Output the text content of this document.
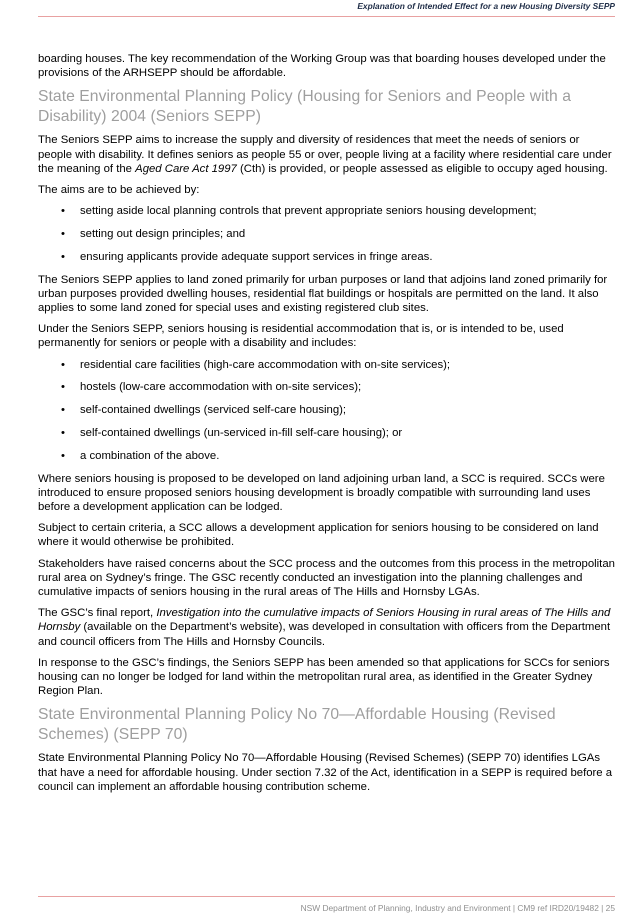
Explanation of Intended Effect for a new Housing Diversity SEPP

boarding houses. The key recommendation of the Working Group was that boarding houses developed under the provisions of the ARHSEPP should be affordable.

State Environmental Planning Policy (Housing for Seniors and People with a Disability) 2004 (Seniors SEPP)

The Seniors SEPP aims to increase the supply and diversity of residences that meet the needs of seniors or people with disability. It defines seniors as people 55 or over, people living at a facility where residential care under the meaning of the Aged Care Act 1997 (Cth) is provided, or people assessed as eligible to occupy aged housing.

The aims are to be achieved by:

• setting aside local planning controls that prevent appropriate seniors housing development;
• setting out design principles; and
• ensuring applicants provide adequate support services in fringe areas.

The Seniors SEPP applies to land zoned primarily for urban purposes or land that adjoins land zoned primarily for urban purposes provided dwelling houses, residential flat buildings or hospitals are permitted on the land. It also applies to some land zoned for special uses and existing registered club sites.

Under the Seniors SEPP, seniors housing is residential accommodation that is, or is intended to be, used permanently for seniors or people with a disability and includes:

• residential care facilities (high-care accommodation with on-site services);
• hostels (low-care accommodation with on-site services);
• self-contained dwellings (serviced self-care housing);
• self-contained dwellings (un-serviced in-fill self-care housing); or
• a combination of the above.

Where seniors housing is proposed to be developed on land adjoining urban land, a SCC is required. SCCs were introduced to ensure proposed seniors housing development is broadly compatible with surrounding land uses before a development application can be lodged.

Subject to certain criteria, a SCC allows a development application for seniors housing to be considered on land where it would otherwise be prohibited.

Stakeholders have raised concerns about the SCC process and the outcomes from this process in the metropolitan rural area on Sydney’s fringe. The GSC recently conducted an investigation into the planning challenges and cumulative impacts of seniors housing in the rural areas of The Hills and Hornsby LGAs.

The GSC’s final report, Investigation into the cumulative impacts of Seniors Housing in rural areas of The Hills and Hornsby (available on the Department’s website), was developed in consultation with officers from the Department and council officers from The Hills and Hornsby Councils.

In response to the GSC’s findings, the Seniors SEPP has been amended so that applications for SCCs for seniors housing can no longer be lodged for land within the metropolitan rural area, as identified in the Greater Sydney Region Plan.

State Environmental Planning Policy No 70—Affordable Housing (Revised Schemes) (SEPP 70)

State Environmental Planning Policy No 70—Affordable Housing (Revised Schemes) (SEPP 70) identifies LGAs that have a need for affordable housing. Under section 7.32 of the Act, identification in a SEPP is required before a council can implement an affordable housing contribution scheme.

NSW Department of Planning, Industry and Environment | CM9 ref IRD20/19482 | 25
